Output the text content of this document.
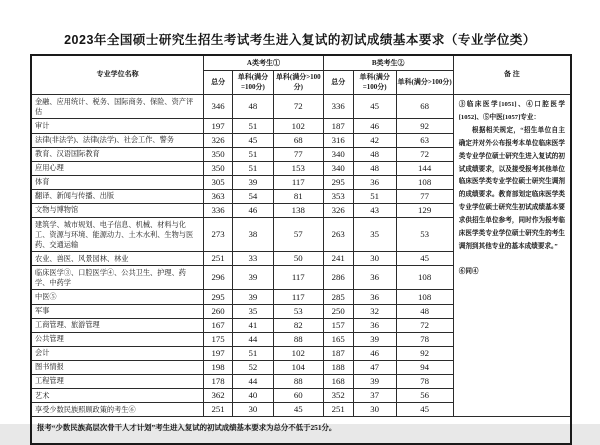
2023年全国硕士研究生招生考试考生进入复试的初试成绩基本要求（专业学位类）
专业学位名称	A类考生①			B类考生②			备 注
	总分	单科(满分=100分)	单科(满分>100分)	总分	单科(满分=100分)	单科(满分>100分)	
金融、应用统计、税务、国际商务、保险、资产评估	346	48	72	336	45	68	③临床医学[1051]、④口腔医学[1052]、⑤中医[1057]专业：
根据相关规定，“招生单位自主确定并对外公布报考本单位临床医学类专业学位硕士研究生进入复试的初试成绩要求，以及接受报考其他单位临床医学类专业学位硕士研究生调剂的成绩要求。教育部划定临床医学类专业学位硕士研究生初试成绩基本要求供招生单位参考，同时作为报考临床医学类专业学位硕士研究生的考生调剂到其他专业的基本成绩要求。”
⑥同④

审计	197	51	102	187	46	92	
法律(非法学)、法律(法学)、社会工作、警务	326	45	68	316	42	63	
教育、汉语国际教育	350	51	77	340	48	72	
应用心理	350	51	153	340	48	144	
体育	305	39	117	295	36	108	
翻译、新闻与传播、出版	363	54	81	353	51	77	
文物与博物馆	336	46	138	326	43	129	
建筑学、城市规划、电子信息、机械、材料与化工、资源与环境、能源动力、土木水利、生物与医药、交通运输	273	38	57	263	35	53	
农业、兽医、风景园林、林业	251	33	50	241	30	45	
临床医学③、口腔医学④、公共卫生、护理、药学、中药学	296	39	117	286	36	108	
中医⑤	295	39	117	285	36	108	
军事	260	35	53	250	32	48	
工商管理、旅游管理	167	41	82	157	36	72	
公共管理	175	44	88	165	39	78	
会计	197	51	102	187	46	92	
图书情报	198	52	104	188	47	94	
工程管理	178	44	88	168	39	78	
艺术	362	40	60	352	37	56	
享受少数民族照顾政策的考生⑥	251	30	45	251	30	45	
报考“少数民族高层次骨干人才计划”考生进入复试的初试成绩基本要求为总分不低于251分。							
